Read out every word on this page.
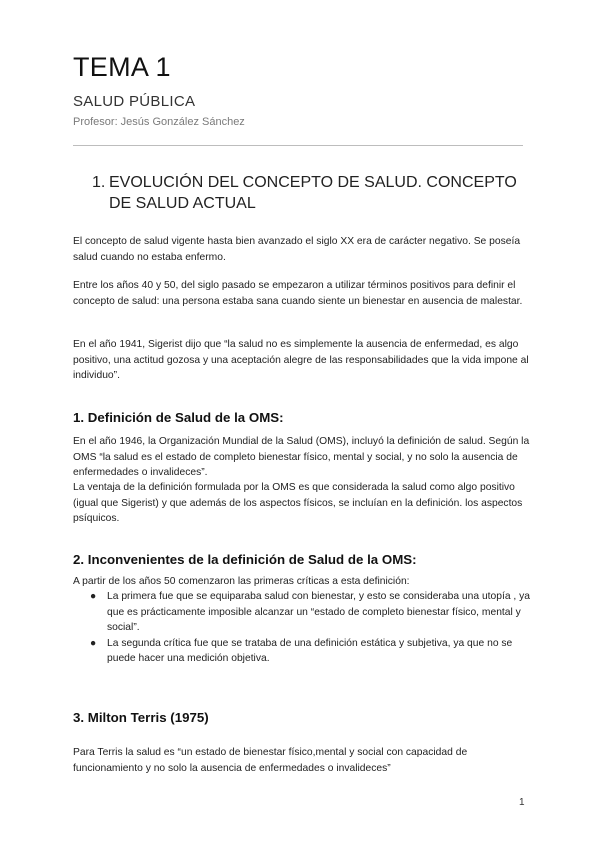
TEMA 1
SALUD PÚBLICA
Profesor: Jesús González Sánchez
1. EVOLUCIÓN DEL CONCEPTO DE SALUD. CONCEPTO DE SALUD ACTUAL

El concepto de salud vigente hasta bien avanzado el siglo XX era de carácter negativo. Se poseía salud cuando no estaba enfermo.

Entre los años 40 y 50, del siglo pasado se empezaron a utilizar términos positivos para definir el concepto de salud: una persona estaba sana cuando siente un bienestar en ausencia de malestar.

En el año 1941, Sigerist dijo que “la salud no es simplemente la ausencia de enfermedad, es algo positivo, una actitud gozosa y una aceptación alegre de las responsabilidades que la vida impone al individuo”.

1. Definición de Salud de la OMS:

En el año 1946, la Organización Mundial de la Salud (OMS), incluyó la definición de salud. Según la OMS “la salud es el estado de completo bienestar físico, mental y social, y no solo la ausencia de enfermedades o invalideces”.

La ventaja de la definición formulada por la OMS es que considerada la salud como algo positivo (igual que Sigerist) y que además de los aspectos físicos, se incluían en la definición. los aspectos psíquicos.

2. Inconvenientes de la definición de Salud de la OMS:

A partir de los años 50 comenzaron las primeras críticas a esta definición:

● La primera fue que se equiparaba salud con bienestar, y esto se consideraba una utopía , ya que es prácticamente imposible alcanzar un “estado de completo bienestar físico, mental y social”.
● La segunda crítica fue que se trataba de una definición estática y subjetiva, ya que no se puede hacer una medición objetiva.
3. Milton Terris (1975)

Para Terris la salud es “un estado de bienestar físico,mental y social con capacidad de funcionamiento y no solo la ausencia de enfermedades o invalideces”

1
